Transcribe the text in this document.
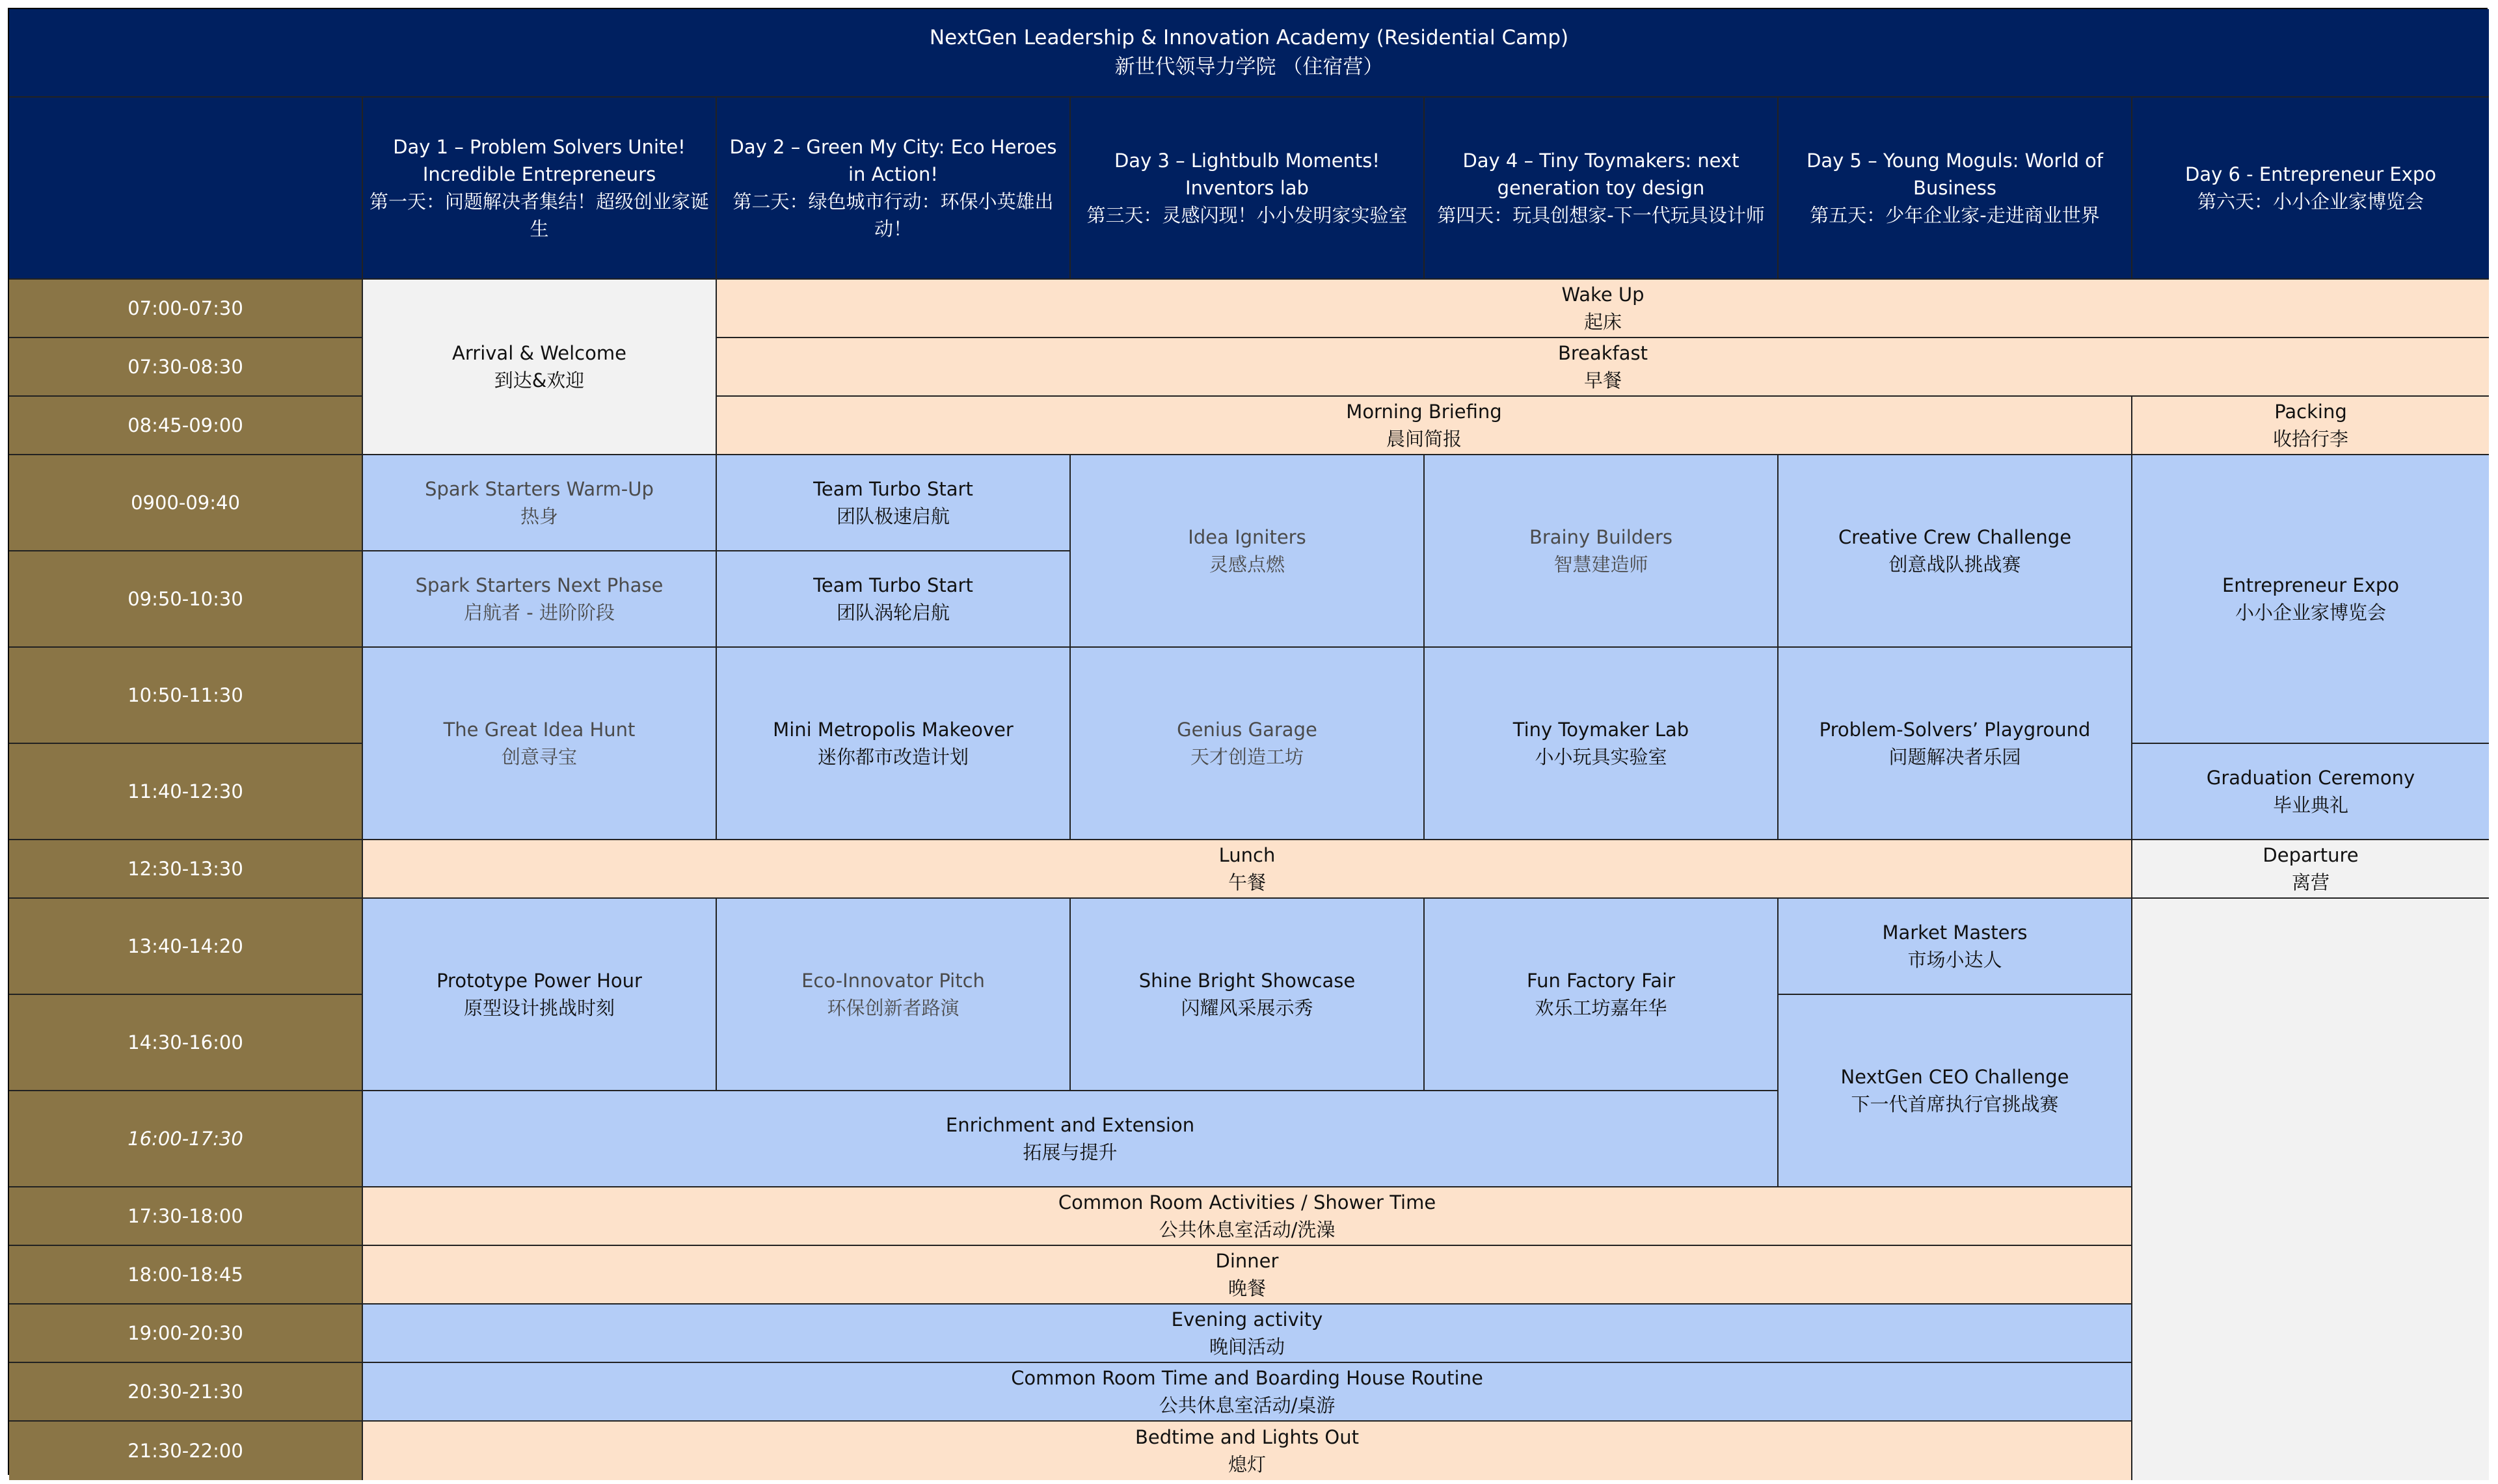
NextGen Leadership & Innovation Academy (Residential Camp)
新世代领导力学院 （住宿营）
Day 1 – Problem Solvers Unite! Incredible Entrepreneurs
第一天：问题解决者集结！超级创业家诞生
Day 2 – Green My City: Eco Heroes in Action!
第二天：绿色城市行动：环保小英雄出动！
Day 3 – Lightbulb Moments! Inventors lab
第三天：灵感闪现！小小发明家实验室
Day 4 – Tiny Toymakers: next generation toy design
第四天：玩具创想家-下一代玩具设计师
Day 5 – Young Moguls: World of Business
第五天：少年企业家-走进商业世界
Day 6 - Entrepreneur Expo
第六天：小小企业家博览会
07:00-07:30
07:30-08:30
08:45-09:00
0900-09:40
09:50-10:30
10:50-11:30
11:40-12:30
12:30-13:30
13:40-14:20
14:30-16:00
16:00-17:30
17:30-18:00
18:00-18:45
19:00-20:30
20:30-21:30
21:30-22:00
Arrival & Welcome
到达&欢迎
Wake Up
起床
Breakfast
早餐
Morning Briefing
晨间简报
Packing
收拾行李
Spark Starters Warm-Up
热身
Team Turbo Start
团队极速启航
Idea Igniters
灵感点燃
Brainy Builders
智慧建造师
Creative Crew Challenge
创意战队挑战赛
Entrepreneur Expo
小小企业家博览会
Spark Starters Next Phase
启航者 - 进阶阶段
Team Turbo Start
团队涡轮启航
The Great Idea Hunt
创意寻宝
Mini Metropolis Makeover
迷你都市改造计划
Genius Garage
天才创造工坊
Tiny Toymaker Lab
小小玩具实验室
Problem-Solvers’ Playground
问题解决者乐园
Graduation Ceremony
毕业典礼
Lunch
午餐
Departure
离营
Prototype Power Hour
原型设计挑战时刻
Eco-Innovator Pitch
环保创新者路演
Shine Bright Showcase
闪耀风采展示秀
Fun Factory Fair
欢乐工坊嘉年华
Market Masters
市场小达人
NextGen CEO Challenge
下一代首席执行官挑战赛
Enrichment and Extension
拓展与提升
Common Room Activities / Shower Time
公共休息室活动/洗澡
Dinner
晚餐
Evening activity
晚间活动
Common Room Time and Boarding House Routine
公共休息室活动/桌游
Bedtime and Lights Out
熄灯
